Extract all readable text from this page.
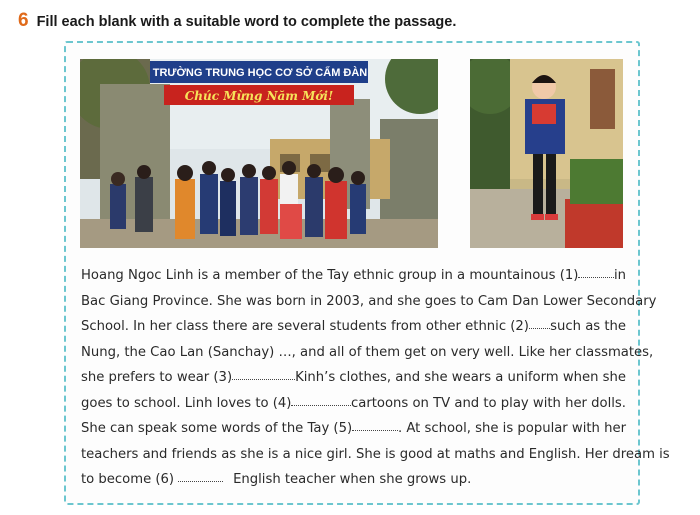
6 Fill each blank with a suitable word to complete the passage.
TRƯỜNG TRUNG HỌC CƠ SỞ CẨM ĐÀN
Chúc Mừng Năm Mới!
Hoang Ngoc Linh is a member of the Tay ethnic group in a mountainous (1)	in
Bac Giang Province. She was born in 2003, and she goes to Cam Dan Lower Secondary
School. In her class there are several students from other ethnic (2) such as the
Nung, the Cao Lan (Sanchay) …, and all of them get on very well. Like her classmates,
she prefers to wear (3)	Kinh’s clothes, and she wears a uniform when she
goes to school. Linh loves to (4)	cartoons on TV and to play with her dolls.
She can speak some words of the Tay (5)	. At school, she is popular with her
teachers and friends as she is a nice girl. She is good at maths and English. Her dream is
to become (6)	English teacher when she grows up.
